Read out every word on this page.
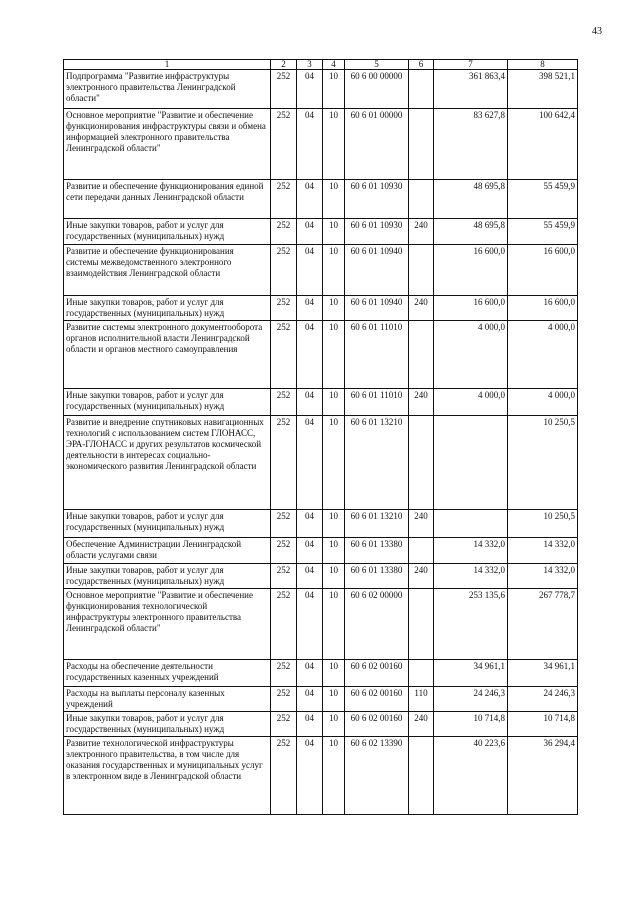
43
1	2	3	4	5	6	7	8
Подпрограмма "Развитие инфраструктуры электронного правительства Ленинградской области"	252	04	10	60 6 00 00000		361 863,4	398 521,1
Основное мероприятие "Развитие и обеспечение функционирования инфраструктуры связи и обмена информацией электронного правительства Ленинградской области"	252	04	10	60 6 01 00000		83 627,8	100 642,4
Развитие и обеспечение функционирования единой сети передачи данных Ленинградской области	252	04	10	60 6 01 10930		48 695,8	55 459,9
Иные закупки товаров, работ и услуг для государственных (муниципальных) нужд	252	04	10	60 6 01 10930	240	48 695,8	55 459,9
Развитие и обеспечение функционирования системы межведомственного электронного взаимодействия Ленинградской области	252	04	10	60 6 01 10940		16 600,0	16 600,0
Иные закупки товаров, работ и услуг для государственных (муниципальных) нужд	252	04	10	60 6 01 10940	240	16 600,0	16 600,0
Развитие системы электронного документооборота органов исполнительной власти Ленинградской области и органов местного самоуправления	252	04	10	60 6 01 11010		4 000,0	4 000,0
Иные закупки товаров, работ и услуг для государственных (муниципальных) нужд	252	04	10	60 6 01 11010	240	4 000,0	4 000,0
Развитие и внедрение спутниковых навигационных технологий с использованием систем ГЛОНАСС, ЭРА-ГЛОНАСС и других результатов космической деятельности в интересах социально-экономического развития Ленинградской области	252	04	10	60 6 01 13210			10 250,5
Иные закупки товаров, работ и услуг для государственных (муниципальных) нужд	252	04	10	60 6 01 13210	240		10 250,5
Обеспечение Администрации Ленинградской области услугами связи	252	04	10	60 6 01 13380		14 332,0	14 332,0
Иные закупки товаров, работ и услуг для государственных (муниципальных) нужд	252	04	10	60 6 01 13380	240	14 332,0	14 332,0
Основное мероприятие "Развитие и обеспечение функционирования технологической инфраструктуры электронного правительства Ленинградской области"	252	04	10	60 6 02 00000		253 135,6	267 778,7
Расходы на обеспечение деятельности государственных казенных учреждений	252	04	10	60 6 02 00160		34 961,1	34 961,1
Расходы на выплаты персоналу казенных учреждений	252	04	10	60 6 02 00160	110	24 246,3	24 246,3
Иные закупки товаров, работ и услуг для государственных (муниципальных) нужд	252	04	10	60 6 02 00160	240	10 714,8	10 714,8
Развитие технологической инфраструктуры электронного правительства, в том числе для оказания государственных и муниципальных услуг в электронном виде в Ленинградской области	252	04	10	60 6 02 13390		40 223,6	36 294,4
